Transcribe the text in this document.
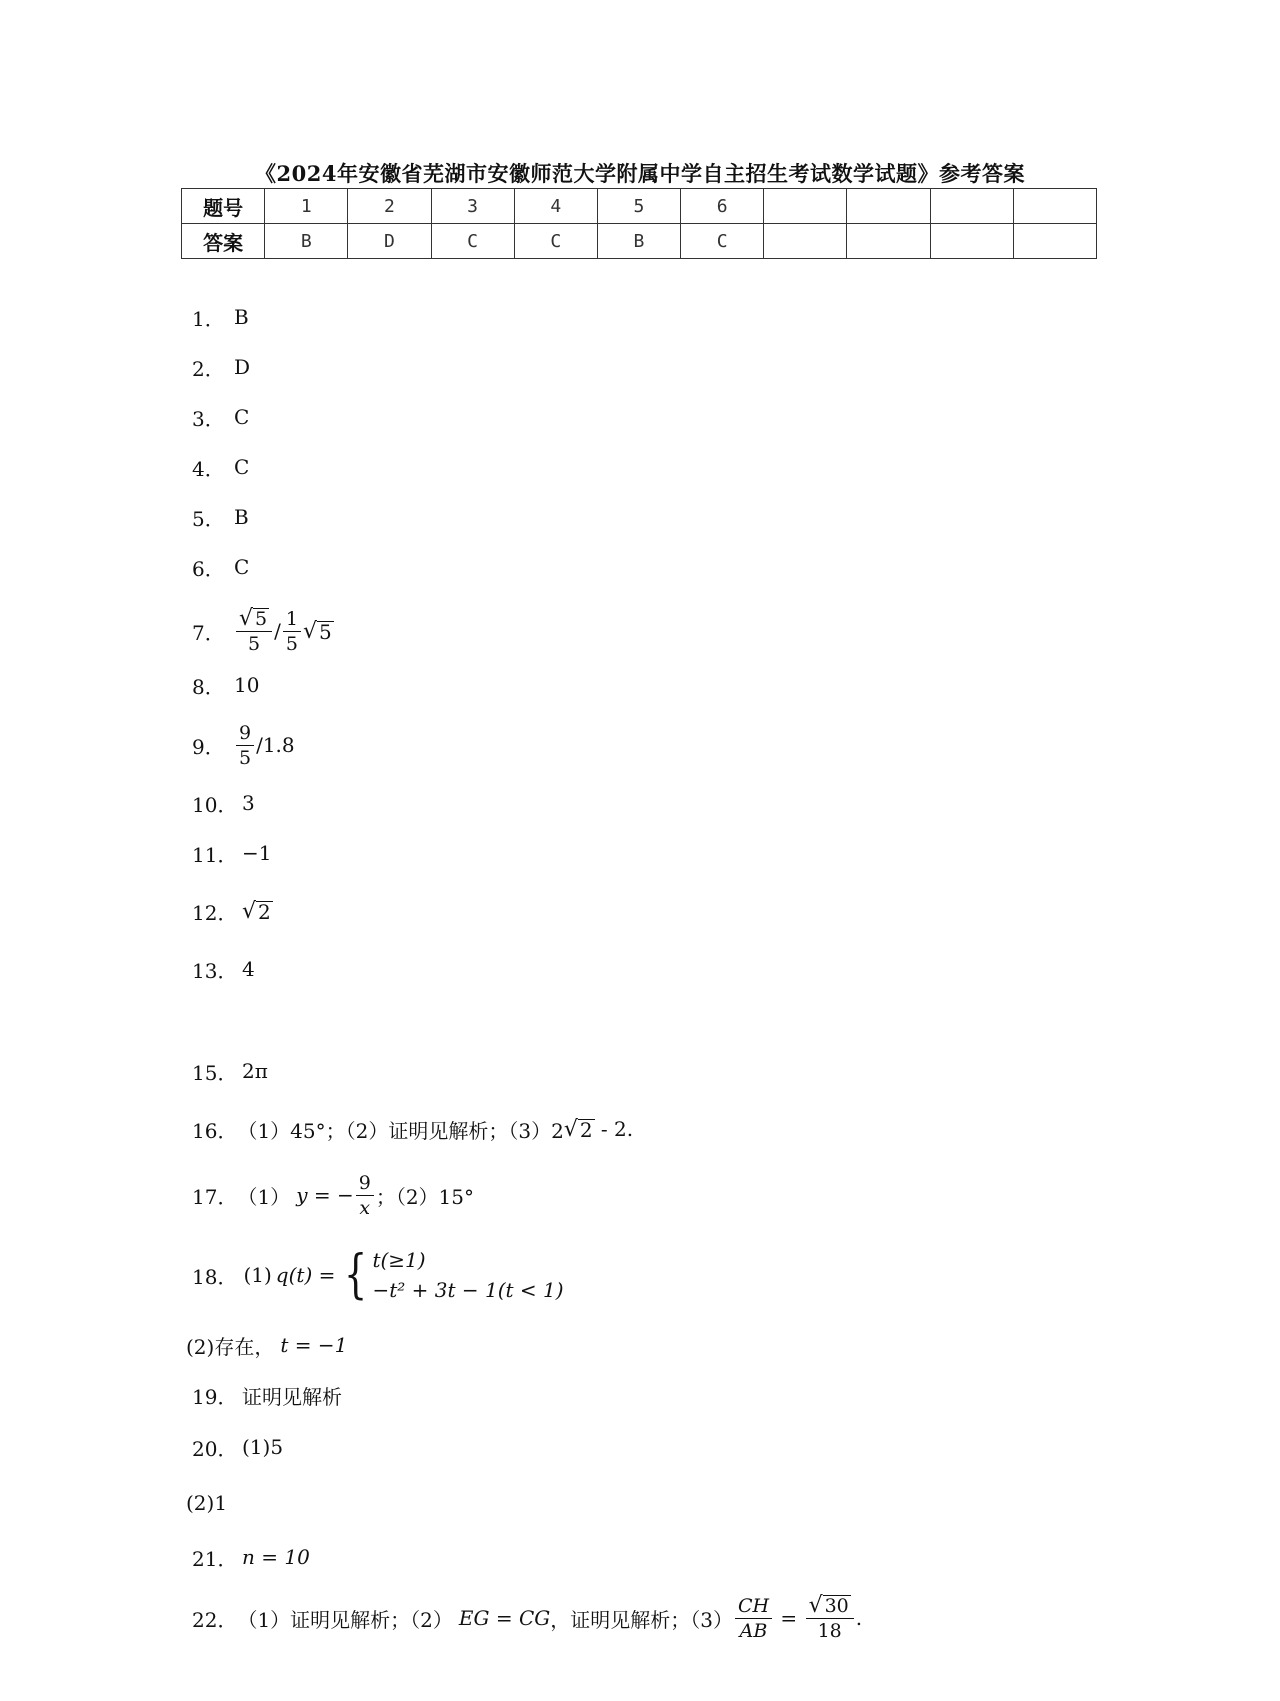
《2024年安徽省芜湖市安徽师范大学附属中学自主招生考试数学试题》参考答案
题号	1	2	3	4	5	6				
答案	B	D	C	C	B	C				
1． B
2． D
3． C
4． C
5． B
6． C
7． $\frac{√ 5}{5} / \frac{1}{5}$ √ 5
8． 10
9． $\frac{9}{5} /1.8$
10． 3
11． −1
12． √ 2
13． 4
15． 2π
16． （1）45°；（2）证明见解析；（3）2 √ 2 - 2.
17． （1） y = − $\frac{9}{x}$ ；（2）15°
18． (1) q(t) = { t(≥1)
−t² + 3t − 1(t < 1)
(2)存在， t = −1
19． 证明见解析
20． (1)5
(2)1
21． n = 10
22． （1）证明见解析；（2） EG = CG ，证明见解析；$(3) \frac{CH}{AB} = \frac{√ 30}{18}$ .
